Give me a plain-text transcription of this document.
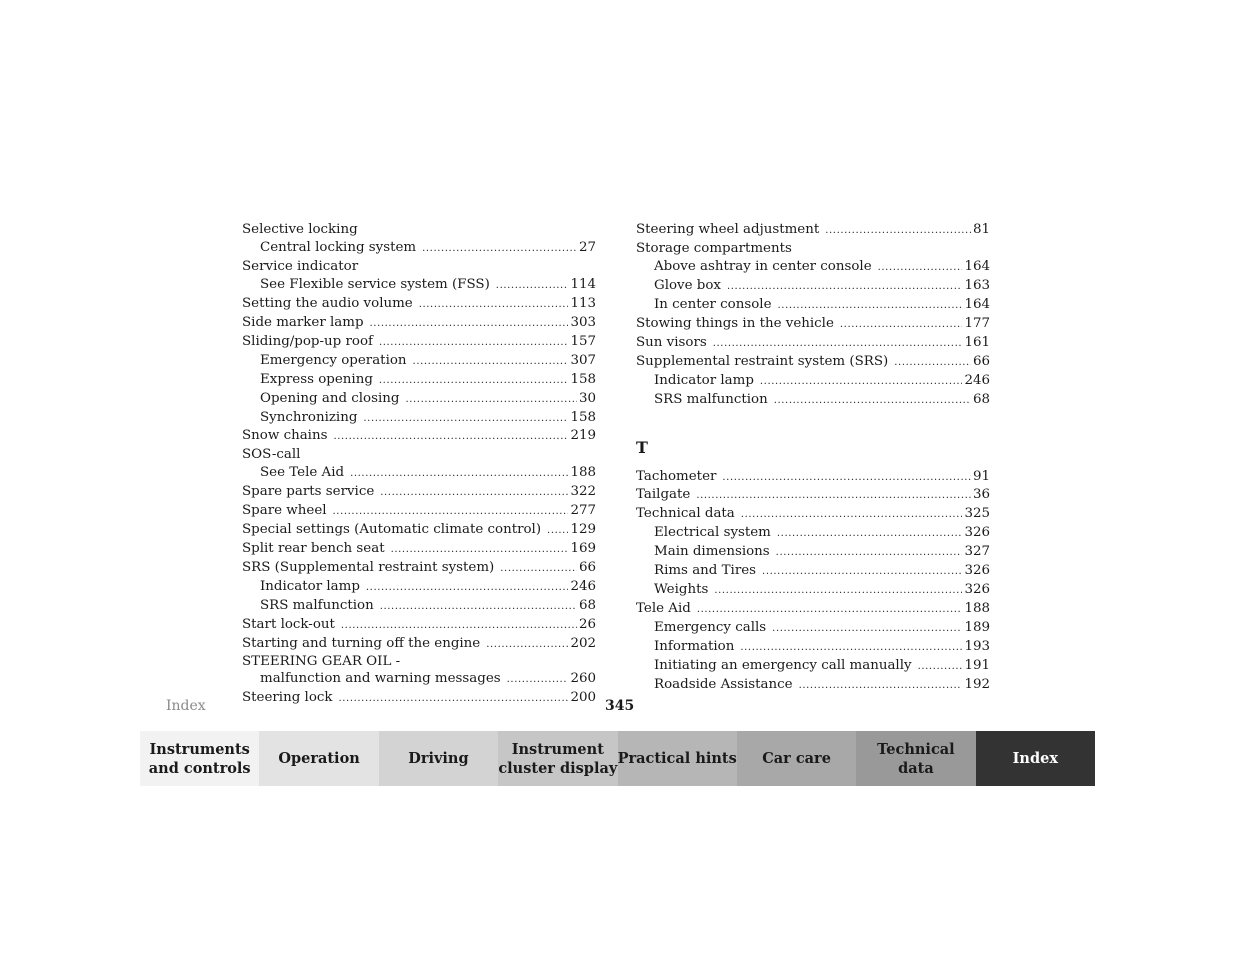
Selective locking
Central locking system .....	27
Service indicator
See Flexible service system (FSS) .....	114
Setting the audio volume .....	113
Side marker lamp .....	303
Sliding/pop-up roof .....	157
Emergency operation .....	307
Express opening .....	158
Opening and closing .....	30
Synchronizing .....	158
Snow chains .....	219
SOS-call
See Tele Aid .....	188
Spare parts service .....	322
Spare wheel .....	277
Special settings (Automatic climate control) ..... 129
Split rear bench seat .....	169
SRS (Supplemental restraint system) .....	66
Indicator lamp .....	246
SRS malfunction .....	68
Start lock-out .....	26
Starting and turning off the engine .....	202
STEERING GEAR OIL -
malfunction and warning messages .....	260
Steering lock .....	200
Steering wheel adjustment .....	81
Storage compartments
Above ashtray in center console .....	164
Glove box .....	163
In center console .....	164
Stowing things in the vehicle .....	177
Sun visors .....	161
Supplemental restraint system (SRS) .....	66
Indicator lamp .....	246
SRS malfunction .....	68
T
Tachometer .....	91
Tailgate .....	36
Technical data .....	325
Electrical system .....	326
Main dimensions .....	327
Rims and Tires .....	326
Weights .....	326
Tele Aid .....	188
Emergency calls .....	189
Information .....	193
Initiating an emergency call manually .....	191
Roadside Assistance .....	192
Index	345
Instruments
and controls
Operation	Driving
Instrument
cluster display
Practical hints	Car care
Technical
data
Index
